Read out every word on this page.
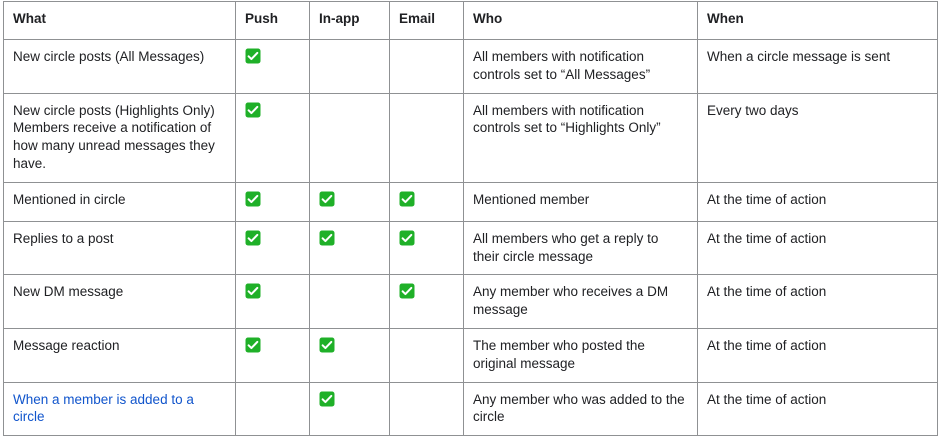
What	Push	In-app	Email	Who	When
New circle posts (All Messages)				All members with notification controls set to “All Messages”	When a circle message is sent
New circle posts (Highlights Only) Members receive a notification of how many unread messages they have.				All members with notification controls set to “Highlights Only”	Every two days
Mentioned in circle				Mentioned member	At the time of action
Replies to a post				All members who get a reply to their circle message	At the time of action
New DM message				Any member who receives a DM message	At the time of action
Message reaction				The member who posted the original message	At the time of action
When a member is added to a circle				Any member who was added to the circle	At the time of action
